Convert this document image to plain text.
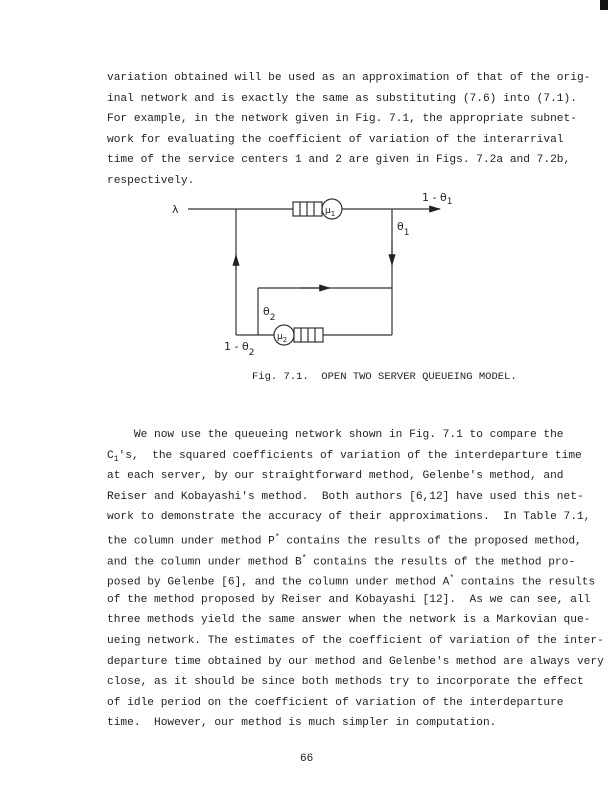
variation obtained will be used as an approximation of that of the orig-
inal network and is exactly the same as substituting (7.6) into (7.1).
For example, in the network given in Fig. 7.1, the appropriate subnet-
work for evaluating the coefficient of variation of the interarrival
time of the service centers 1 and 2 are given in Figs. 7.2a and 7.2b,
respectively.
λ	$\mu_1$
$\mu_2$
$1 - \theta_1$
$\theta_1$
$\theta_2$
$1 - \theta_2$
Fig. 7.1.  OPEN TWO SERVER QUEUEING MODEL.
We now use the queueing network shown in Fig. 7.1 to compare the
$C_1's$,  the squared coefficients of variation of the interdeparture time
at each server, by our straightforward method, Gelenbe's method, and
Reiser and Kobayashi's method.  Both authors [6,12] have used this net-
work to demonstrate the accuracy of their approximations.  In Table 7.1,
the column under method P* contains the results of the proposed method,
and the column under method B* contains the results of the method pro-
posed by Gelenbe [6], and the column under method A* contains the results
of the method proposed by Reiser and Kobayashi [12].  As we can see, all
three methods yield the same answer when the network is a Markovian que-
ueing network. The estimates of the coefficient of variation of the inter-
departure time obtained by our method and Gelenbe's method are always very
close, as it should be since both methods try to incorporate the effect
of idle period on the coefficient of variation of the interdeparture
time.  However, our method is much simpler in computation.
66
